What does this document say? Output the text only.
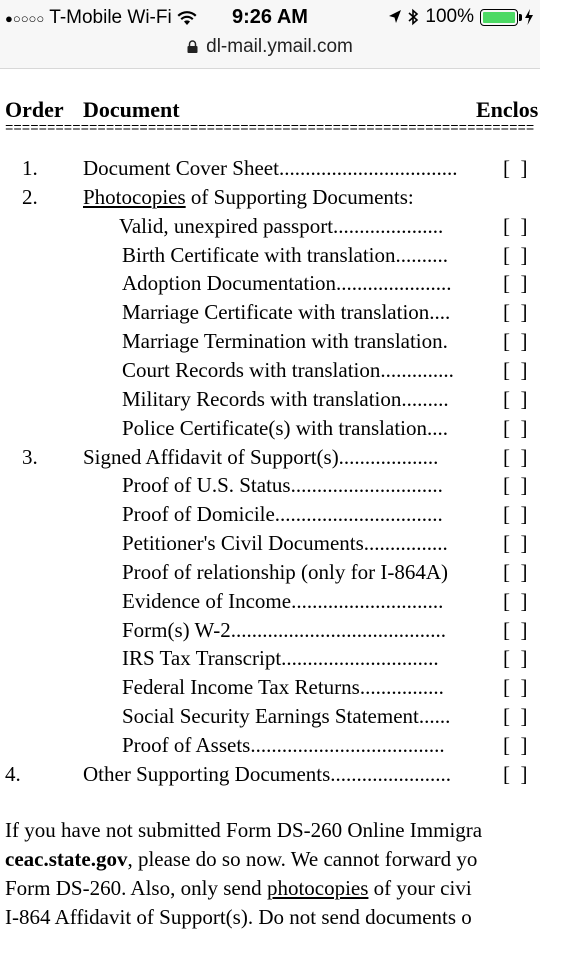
●○○○○ T-Mobile Wi-Fi	9:26 AM	100%
dl-mail.ymail.com
Order Document	Enclos
===============================================================
1. Document Cover Sheet.................................. [  ]
2. Photocopies of Supporting Documents:
Valid, unexpired passport.....................	[  ]
Birth Certificate with translation..........	[  ]
Adoption Documentation...................... [  ]
Marriage Certificate with translation....	[  ]
Marriage Termination with translation.	[  ]
Court Records with translation.............. [  ]
Military Records with translation.........	[  ]
Police Certificate(s) with translation....	[  ]
3. Signed Affidavit of Support(s)...................	[  ]
Proof of U.S. Status.............................	[  ]
Proof of Domicile................................	[  ]
Petitioner's Civil Documents................	[  ]
Proof of relationship (only for I-864A)	[  ]
Evidence of Income.............................	[  ]
Form(s) W-2.........................................	[  ]
IRS Tax Transcript..............................	[  ]
Federal Income Tax Returns................	[  ]
Social Security Earnings Statement......	[  ]
Proof of Assets.....................................	[  ]
4.	Other Supporting Documents....................... [  ]
If you have not submitted Form DS-260 Online Immigra
ceac.state.gov, please do so now. We cannot forward yo
Form DS-260. Also, only send photocopies of your civi
I-864 Affidavit of Support(s). Do not send documents o
